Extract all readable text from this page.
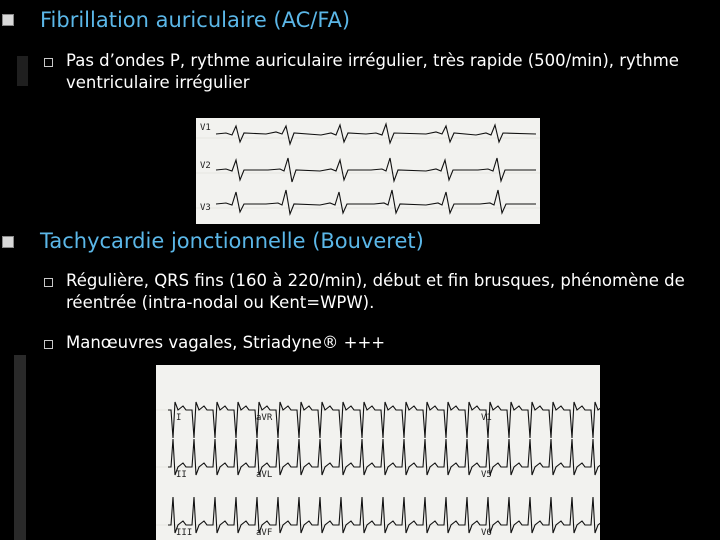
Fibrillation auriculaire (AC/FA)
Pas d’ondes P, rythme auriculaire irrégulier, très rapide (500/min), rythme ventriculaire irrégulier
V1
V2
V3
Tachycardie jonctionnelle (Bouveret)
Régulière, QRS fins (160 à 220/min), début et fin brusques, phénomène de réentrée (intra-nodal ou Kent=WPW).
Manœuvres vagales, Striadyne® +++
I
II
III
aVR
aVL
aVF
V1
V5
V6
